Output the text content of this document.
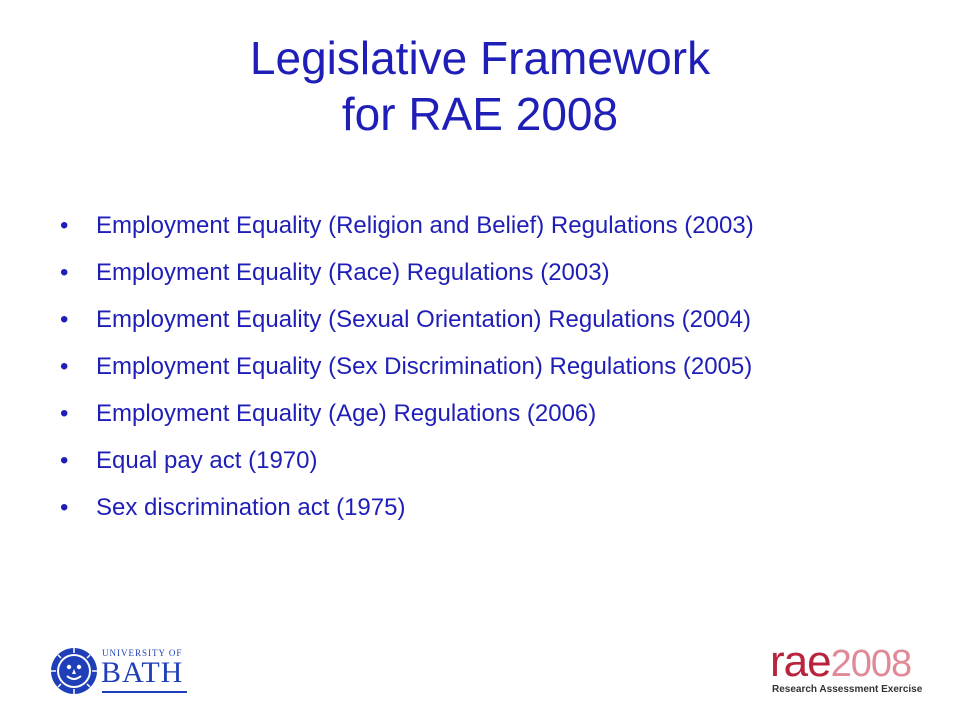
Legislative Framework
for RAE 2008
• Employment Equality (Religion and Belief) Regulations (2003)
• Employment Equality (Race) Regulations (2003)
• Employment Equality (Sexual Orientation) Regulations (2004)
• Employment Equality (Sex Discrimination) Regulations (2005)
• Employment Equality (Age) Regulations (2006)
• Equal pay act (1970)
• Sex discrimination act (1975)
UNIVERSITY OF
BATH	rae2008
Research Assessment Exercise
